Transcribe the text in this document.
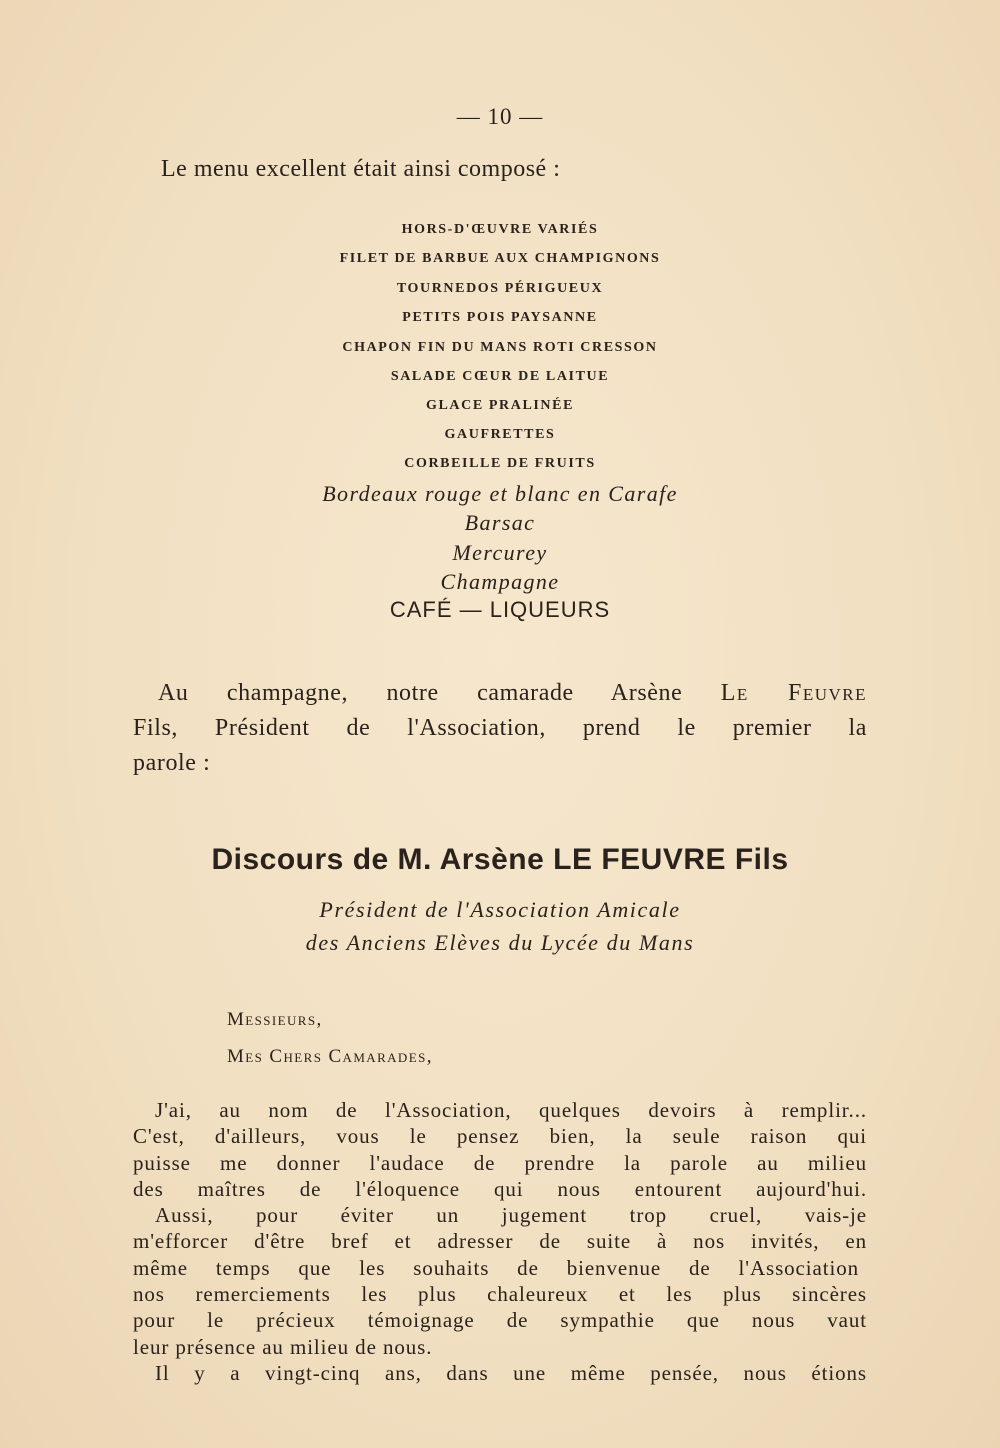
— 10 —
Le menu excellent était ainsi composé :
HORS-D'ŒUVRE VARIÉS
FILET DE BARBUE AUX CHAMPIGNONS
TOURNEDOS PÉRIGUEUX
PETITS POIS PAYSANNE
CHAPON FIN DU MANS ROTI CRESSON
SALADE CŒUR DE LAITUE
GLACE PRALINÉE
GAUFRETTES
CORBEILLE DE FRUITS
Bordeaux rouge et blanc en Carafe
Barsac
Mercurey
Champagne
CAFÉ — LIQUEURS
Au champagne, notre camarade Arsène Le Feuvre
Fils, Président de l'Association, prend le premier la
parole :
Discours de M. Arsène LE FEUVRE Fils
Président de l'Association Amicale
des Anciens Elèves du Lycée du Mans
Messieurs,
Mes Chers Camarades,
J'ai, au nom de l'Association, quelques devoirs à remplir...
C'est, d'ailleurs, vous le pensez bien, la seule raison qui
puisse me donner l'audace de prendre la parole au milieu
des maîtres de l'éloquence qui nous entourent aujourd'hui.
Aussi, pour éviter un jugement trop cruel, vais-je
m'efforcer d'être bref et adresser de suite à nos invités, en
même temps que les souhaits de bienvenue de l'Association
nos remerciements les plus chaleureux et les plus sincères
pour le précieux témoignage de sympathie que nous vaut
leur présence au milieu de nous.
Il y a vingt-cinq ans, dans une même pensée, nous étions
